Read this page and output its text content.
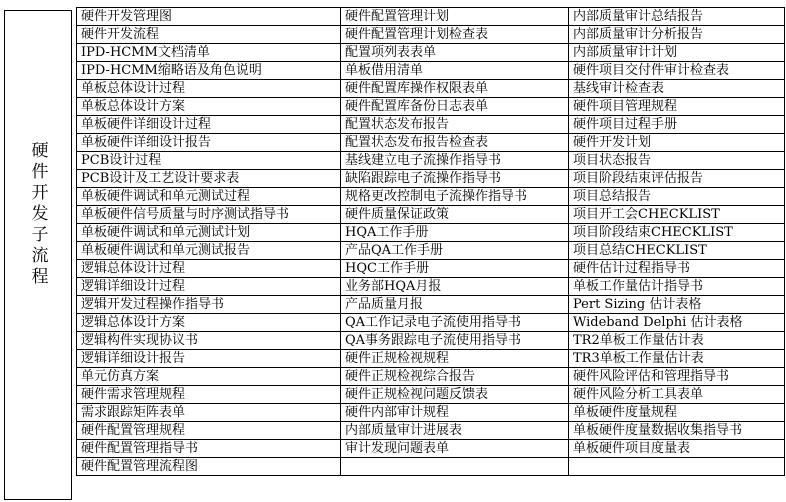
硬件开发子流程
硬件开发管理图	硬件配置管理计划	内部质量审计总结报告
硬件开发流程	硬件配置管理计划检查表	内部质量审计分析报告
IPD-HCMM文档清单	配置项列表表单	内部质量审计计划
IPD-HCMM缩略语及角色说明	单板借用清单	硬件项目交付件审计检查表
单板总体设计过程	硬件配置库操作权限表单	基线审计检查表
单板总体设计方案	硬件配置库备份日志表单	硬件项目管理规程
单板硬件详细设计过程	配置状态发布报告	硬件项目过程手册
单板硬件详细设计报告	配置状态发布报告检查表	硬件开发计划
PCB设计过程	基线建立电子流操作指导书	项目状态报告
PCB设计及工艺设计要求表	缺陷跟踪电子流操作指导书	项目阶段结束评估报告
单板硬件调试和单元测试过程	规格更改控制电子流操作指导书	项目总结报告
单板硬件信号质量与时序测试指导书	硬件质量保证政策	项目开工会CHECKLIST
单板硬件调试和单元测试计划	HQA工作手册	项目阶段结束CHECKLIST
单板硬件调试和单元测试报告	产品QA工作手册	项目总结CHECKLIST
逻辑总体设计过程	HQC工作手册	硬件估计过程指导书
逻辑详细设计过程	业务部HQA月报	单板工作量估计指导书
逻辑开发过程操作指导书	产品质量月报	Pert Sizing 估计表格
逻辑总体设计方案	QA工作记录电子流使用指导书	Wideband Delphi 估计表格
逻辑构件实现协议书	QA事务跟踪电子流使用指导书	TR2单板工作量估计表
逻辑详细设计报告	硬件正规检视规程	TR3单板工作量估计表
单元仿真方案	硬件正规检视综合报告	硬件风险评估和管理指导书
硬件需求管理规程	硬件正规检视问题反馈表	硬件风险分析工具表单
需求跟踪矩阵表单	硬件内部审计规程	单板硬件度量规程
硬件配置管理规程	内部质量审计进展表	单板硬件度量数据收集指导书
硬件配置管理指导书	审计发现问题表单	单板硬件项目度量表
硬件配置管理流程图		
